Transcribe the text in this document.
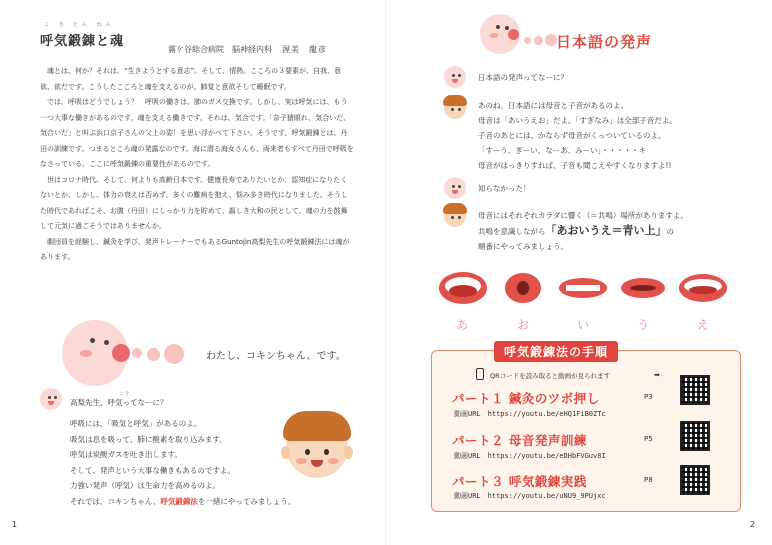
こ き たん れん
呼気鍛錬と魂
霧ケ谷総合病院　脳神経内科 渥美　龍彦

魂とは、何か？それは、“生きようとする意志”。そして、情熱。こころの３要素が、自我、意欲、欲だです。こうしたこころと魂を支えるのが、肺覚と意欲そして睡眠です。

では、呼吸はどうでしょう？　呼吸の働きは、肺のガス交換です。しかし、実は呼気には、もう一つ大事な働きがあるのです。魂を支える働きです。それは、気合です。「奈子猿眼れ、気合いだ、気合いだ」と叫ぶ浜口京子さんの父上の姿！を思い浮かべて下さい。そうです、呼気鍛錬とは、丹田の訓練です。つまるところ魂の発露なのです。海に潜る海女さんも、両来者もすべて丹田で呼吸をなさっている。ここに呼気鍛錬の重要性があるのです。

世はコロナ時代。そして、何よりも高齢日本です。健康長寿でありたいとか、認知症になりたくないとか、しかし、体力の衰えは否めず、多くの難病を抱え、悩み多き時代になりました。そうした時代であればこそ、お腹（丹田）にしっかり力を貯めて、謳しき大和の民として、魂の力を鼓舞して元気に過ごそうではありませんか。

劇団員を経験し、鍼灸を学び、発声トレーナーでもあるGuntojin高梨先生の呼気鍛錬法には魂があります。

わたし、コキンちゃん、です。
こ き
高梨先生、呼気ってなーに？
呼吸には、「吸気と呼気」があるのよ。
吸気は息を吸って、肺に酸素を取り込みます。
呼気は炭酸ガスを吐き出します。
そして、発声という大事な働きもあるのですよ。
力強い発声（呼気）は生命力を高めるのよ。
それでは、コキンちゃん、呼気鍛錬法を一緒にやってみましょう。
1
日本語の発声
日本語の発声ってなーに？
あのね、日本語には母音と子音があるのよ。
母音は「あいうえお」だよ。「すぎなみ」は全部子音だよ。
子音のあとには、かならず母音がくっついているのよ。
「すーう、ぎーい、なーあ、みーい」・・・・・キ
母音がはっきりすれば、子音も聞こえやすくなりますよ!!
知らなかった！
母音にはそれぞれカラダに響く（＝共鳴）場所がありますよ。
共鳴を意識しながら「あおいうえ＝青い上」の
順番にやってみましょう。
あ	お	い	う	え
呼気鍛錬法の手順
QRコードを読み取ると動画が見られます	➡
パート１ 鍼灸のツボ押し	P3
動画URL　 https://youtu.be/eHQ1FiB0ZTc
パート２ 母音発声訓練	P5
動画URL　 https://youtu.be/eDHbFVGuv8I
パート３ 呼気鍛錬実践	P8
動画URL　 https://youtu.be/uNU9_9PUjxc
2
